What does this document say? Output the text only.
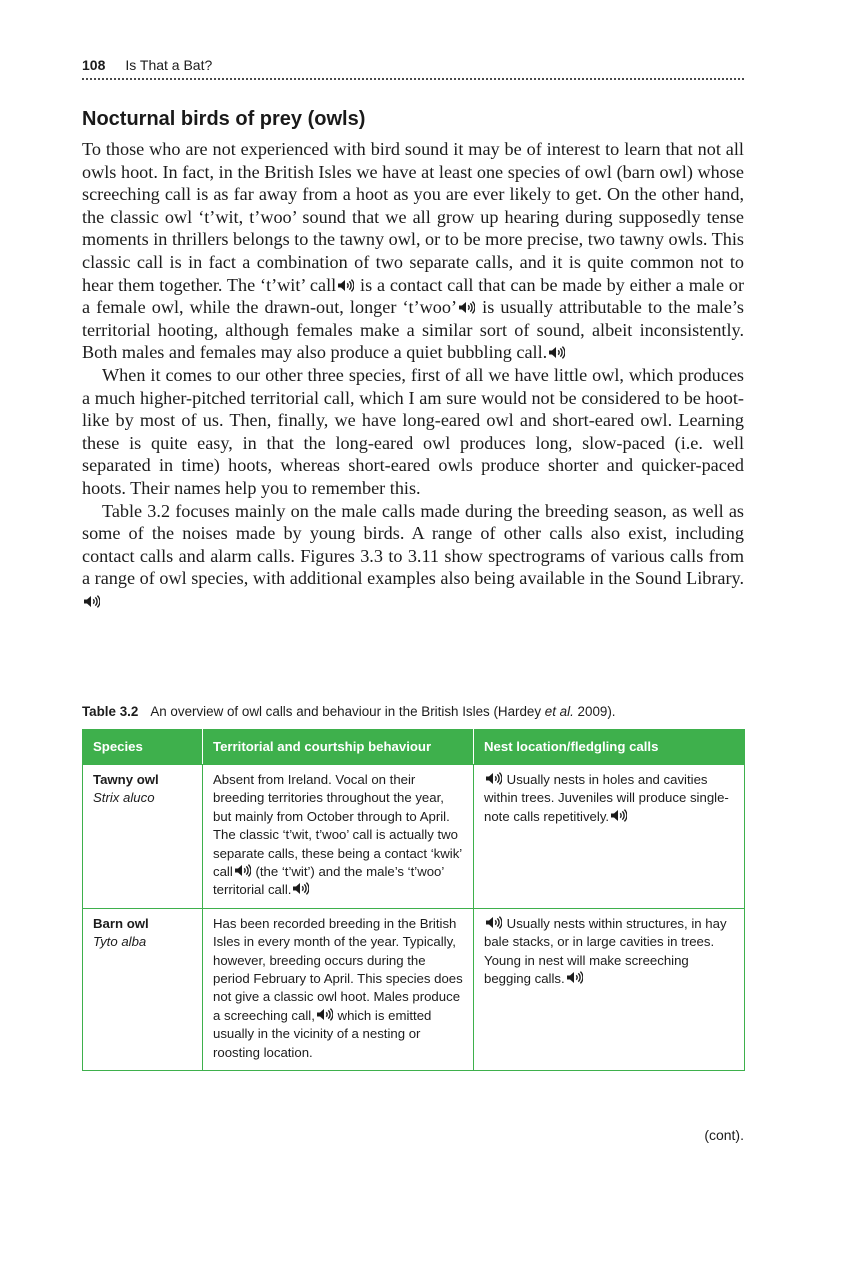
108 Is That a Bat?
Nocturnal birds of prey (owls)

To those who are not experienced with bird sound it may be of interest to learn that not all owls hoot. In fact, in the British Isles we have at least one species of owl (barn owl) whose screeching call is as far away from a hoot as you are ever likely to get. On the other hand, the classic owl ‘t’wit, t’woo’ sound that we all grow up hearing during supposedly tense moments in thrillers belongs to the tawny owl, or to be more precise, two tawny owls. This classic call is in fact a combination of two separate calls, and it is quite common not to hear them together. The ‘t’wit’ call
is a contact call that can be made by either a male or a female owl, while the drawn-out, longer ‘t’woo’
is usually attributable to the male’s territorial hooting, although females make a similar sort of sound, albeit inconsistently. Both males and females may also produce a quiet bubbling call.

When it comes to our other three species, first of all we have little owl, which produces a much higher-pitched territorial call, which I am sure would not be considered to be hoot-like by most of us. Then, finally, we have long-eared owl and short-eared owl. Learning these is quite easy, in that the long-eared owl produces long, slow-paced (i.e. well separated in time) hoots, whereas short-eared owls produce shorter and quicker-paced hoots. Their names help you to remember this.

Table 3.2 focuses mainly on the male calls made during the breeding season, as well as some of the noises made by young birds. A range of other calls also exist, including contact calls and alarm calls. Figures 3.3 to 3.11 show spectrograms of various calls from a range of owl species, with additional examples also being available in the Sound Library.

Table 3.2 An overview of owl calls and behaviour in the British Isles (Hardey et al. 2009).
Species	Territorial and courtship behaviour	Nest location/fledgling calls

Tawny owl
Strix aluco	Absent from Ireland. Vocal on their breeding territories throughout the year, but mainly from October through to April. The classic ‘t’wit, t’woo’ call is actually two separate calls, these being a contact ‘kwik’ call
(the ‘t’wit’) and the male’s ‘t’woo’ territorial call.	Usually nests in holes and cavities within trees. Juveniles will produce single-note calls repetitively.

Barn owl
Tyto alba	Has been recorded breeding in the British Isles in every month of the year. Typically, however, breeding occurs during the period February to April. This species does not give a classic owl hoot. Males produce a screeching call,
which is emitted usually in the vicinity of a nesting or roosting location.	Usually nests within structures, in hay bale stacks, or in large cavities in trees. Young in nest will make screeching begging calls.
(cont).
